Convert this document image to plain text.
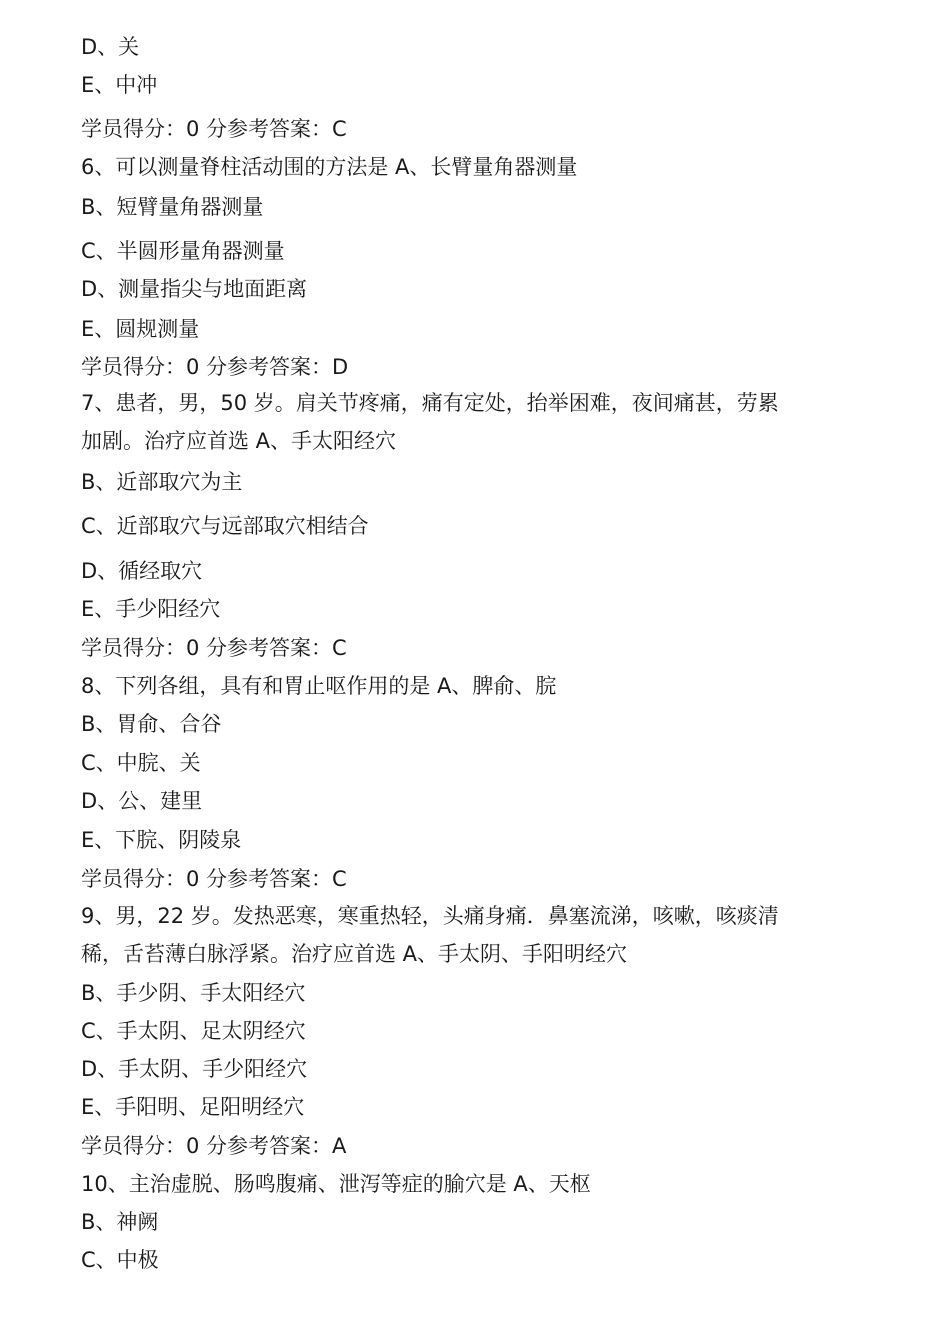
D、关
E、中冲
学员得分：0 分参考答案：C
6、可以测量脊柱活动围的方法是 A、长臂量角器测量
B、短臂量角器测量
C、半圆形量角器测量
D、测量指尖与地面距离
E、圆规测量
学员得分：0 分参考答案：D
7、患者，男，50 岁。肩关节疼痛，痛有定处，抬举困难，夜间痛甚，劳累
加剧。治疗应首选 A、手太阳经穴
B、近部取穴为主
C、近部取穴与远部取穴相结合
D、循经取穴
E、手少阳经穴
学员得分：0 分参考答案：C
8、下列各组，具有和胃止呕作用的是 A、脾俞、脘
B、胃俞、合谷
C、中脘、关
D、公、建里
E、下脘、阴陵泉
学员得分：0 分参考答案：C
9、男，22 岁。发热恶寒，寒重热轻，头痛身痛．鼻塞流涕，咳嗽，咳痰清
稀，舌苔薄白脉浮紧。治疗应首选 A、手太阴、手阳明经穴
B、手少阴、手太阳经穴
C、手太阴、足太阴经穴
D、手太阴、手少阳经穴
E、手阳明、足阳明经穴
学员得分：0 分参考答案：A
10、主治虚脱、肠鸣腹痛、泄泻等症的腧穴是 A、天枢
B、神阙
C、中极
